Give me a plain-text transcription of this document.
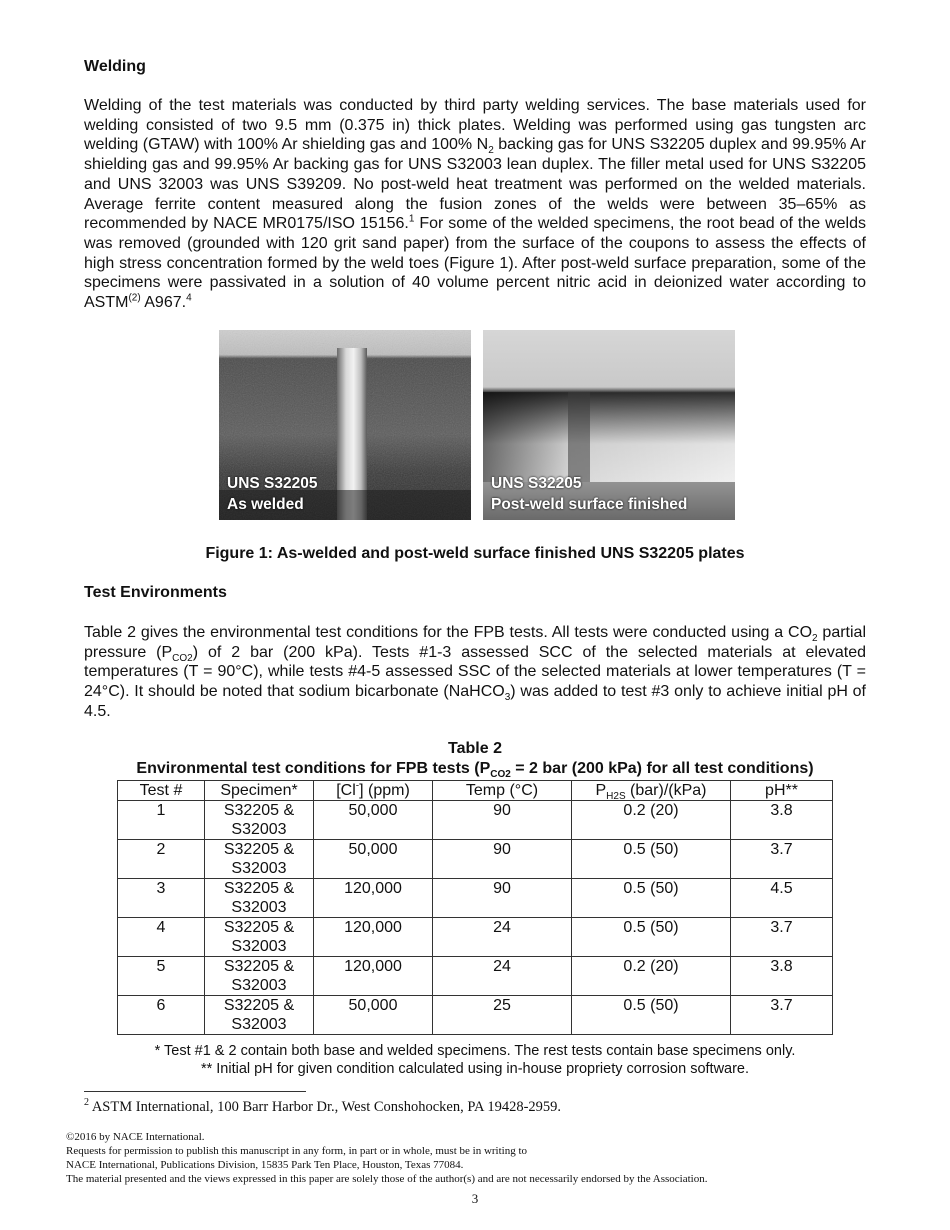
Welding

Welding of the test materials was conducted by third party welding services. The base materials used for welding consisted of two 9.5 mm (0.375 in) thick plates. Welding was performed using gas tungsten arc welding (GTAW) with 100% Ar shielding gas and 100% $N_2$ backing gas for UNS S32205 duplex and 99.95% Ar shielding gas and 99.95% Ar backing gas for UNS S32003 lean duplex. The filler metal used for UNS S32205 and UNS 32003 was UNS S39209. No post-weld heat treatment was performed on the welded materials. Average ferrite content measured along the fusion zones of the welds were between 35–65% as recommended by NACE MR0175/ISO 15156.$^1$ For some of the welded specimens, the root bead of the welds was removed (grounded with 120 grit sand paper) from the surface of the coupons to assess the effects of high stress concentration formed by the weld toes (Figure 1). After post-weld surface preparation, some of the specimens were passivated in a solution of 40 volume percent nitric acid in deionized water according to ASTM$^{(2)}$ A967.$^4$

UNS S32205
As welded
UNS S32205
Post-weld surface finished
Figure 1: As-welded and post-weld surface finished UNS S32205 plates
Test Environments

Table 2 gives the environmental test conditions for the FPB tests. All tests were conducted using a $CO_2$ partial pressure $(P_{CO2})$ of 2 bar (200 kPa). Tests #1-3 assessed SCC of the selected materials at elevated temperatures (T = 90°C), while tests #4-5 assessed SSC of the selected materials at lower temperatures (T = 24°C). It should be noted that sodium bicarbonate (NaHCO$_3$) was added to test #3 only to achieve initial pH of 4.5.

Table 2
Environmental test conditions for FPB tests ($P_{CO2} = 2$ bar (200 kPa) for all test conditions)
Test #	Specimen*	[Cl-] (ppm)	Temp (°C)	$P_{H2S}$ (bar)/(kPa)	pH**
1	S32205 &
S32003	50,000	90	0.2 (20)	3.8
2	S32205 &
S32003	50,000	90	0.5 (50)	3.7
3	S32205 &
S32003	120,000	90	0.5 (50)	4.5
4	S32205 &
S32003	120,000	24	0.5 (50)	3.7
5	S32205 &
S32003	120,000	24	0.2 (20)	3.8
6	S32205 &
S32003	50,000	25	0.5 (50)	3.7
* Test #1 & 2 contain both base and welded specimens. The rest tests contain base specimens only.
** Initial pH for given condition calculated using in-house propriety corrosion software.
$^2$ ASTM International, 100 Barr Harbor Dr., West Conshohocken, PA 19428-2959.
©2016 by NACE International.
Requests for permission to publish this manuscript in any form, in part or in whole, must be in writing to
NACE International, Publications Division, 15835 Park Ten Place, Houston, Texas 77084.
The material presented and the views expressed in this paper are solely those of the author(s) and are not necessarily endorsed by the Association.
3
